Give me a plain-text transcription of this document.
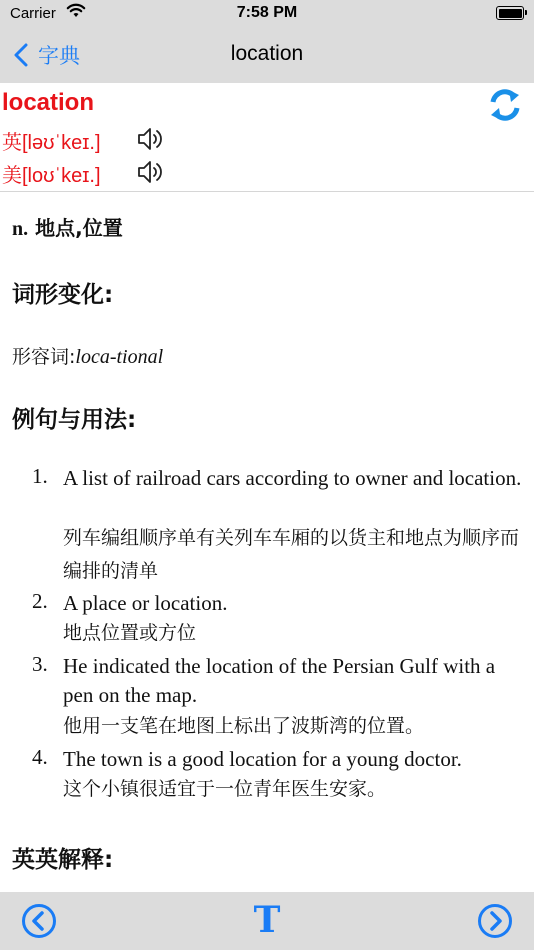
Carrier	7:58 PM
字典	location
location
英[ləʊˈkeɪ.]
美[loʊˈkeɪ.]
n. 地点,位置
词形变化:
形容词:loca-tional
例句与用法:
1. A list of railroad cars according to owner and location.
列车编组顺序单有关列车车厢的以货主和地点为顺序而编排的清单
2. A place or location.
地点位置或方位
3. He indicated the location of the Persian Gulf with a pen on the map.
他用一支笔在地图上标出了波斯湾的位置。
4. The town is a good location for a young doctor.
这个小镇很适宜于一位青年医生安家。
英英解释:
T
